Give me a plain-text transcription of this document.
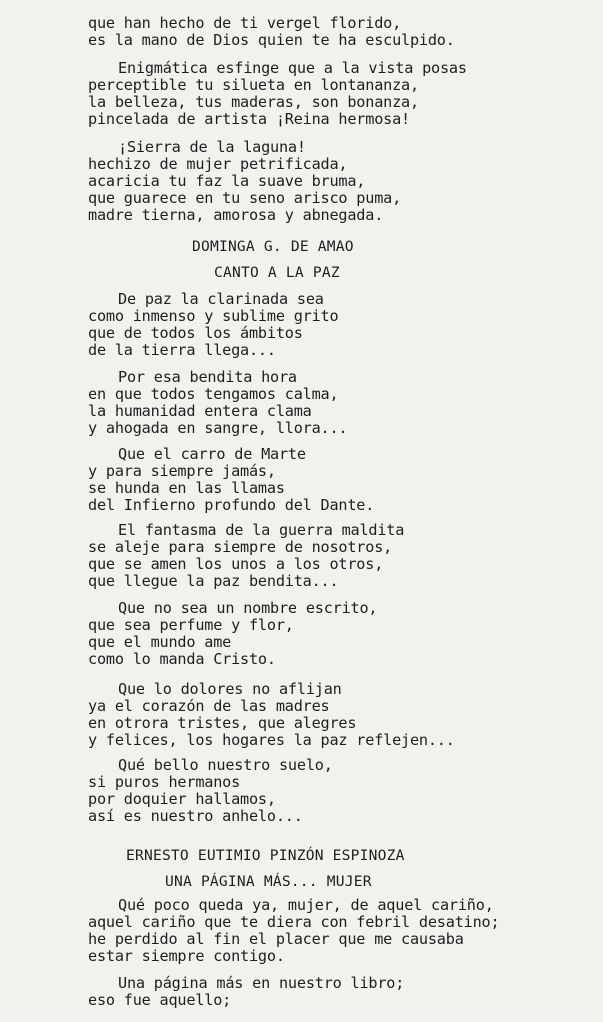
que han hecho de ti vergel florido,
es la mano de Dios quien te ha esculpido.
Enigmática esfinge que a la vista posas
perceptible tu silueta en lontananza,
la belleza, tus maderas, son bonanza,
pincelada de artista ¡Reina hermosa!
¡Sierra de la laguna!
hechizo de mujer petrificada,
acaricia tu faz la suave bruma,
que guarece en tu seno arisco puma,
madre tierna, amorosa y abnegada.
DOMINGA G. DE AMAO
CANTO A LA PAZ
De paz la clarinada sea
como inmenso y sublime grito
que de todos los ámbitos
de la tierra llega...
Por esa bendita hora
en que todos tengamos calma,
la humanidad entera clama
y ahogada en sangre, llora...
Que el carro de Marte
y para siempre jamás,
se hunda en las llamas
del Infierno profundo del Dante.
El fantasma de la guerra maldita
se aleje para siempre de nosotros,
que se amen los unos a los otros,
que llegue la paz bendita...
Que no sea un nombre escrito,
que sea perfume y flor,
que el mundo ame
como lo manda Cristo.
Que lo dolores no aflijan
ya el corazón de las madres
en otrora tristes, que alegres
y felices, los hogares la paz reflejen...
Qué bello nuestro suelo,
si puros hermanos
por doquier hallamos,
así es nuestro anhelo...
ERNESTO EUTIMIO PINZÓN ESPINOZA
UNA PÁGINA MÁS... MUJER
Qué poco queda ya, mujer, de aquel cariño,
aquel cariño que te diera con febril desatino;
he perdido al fin el placer que me causaba
estar siempre contigo.
Una página más en nuestro libro;
eso fue aquello;
